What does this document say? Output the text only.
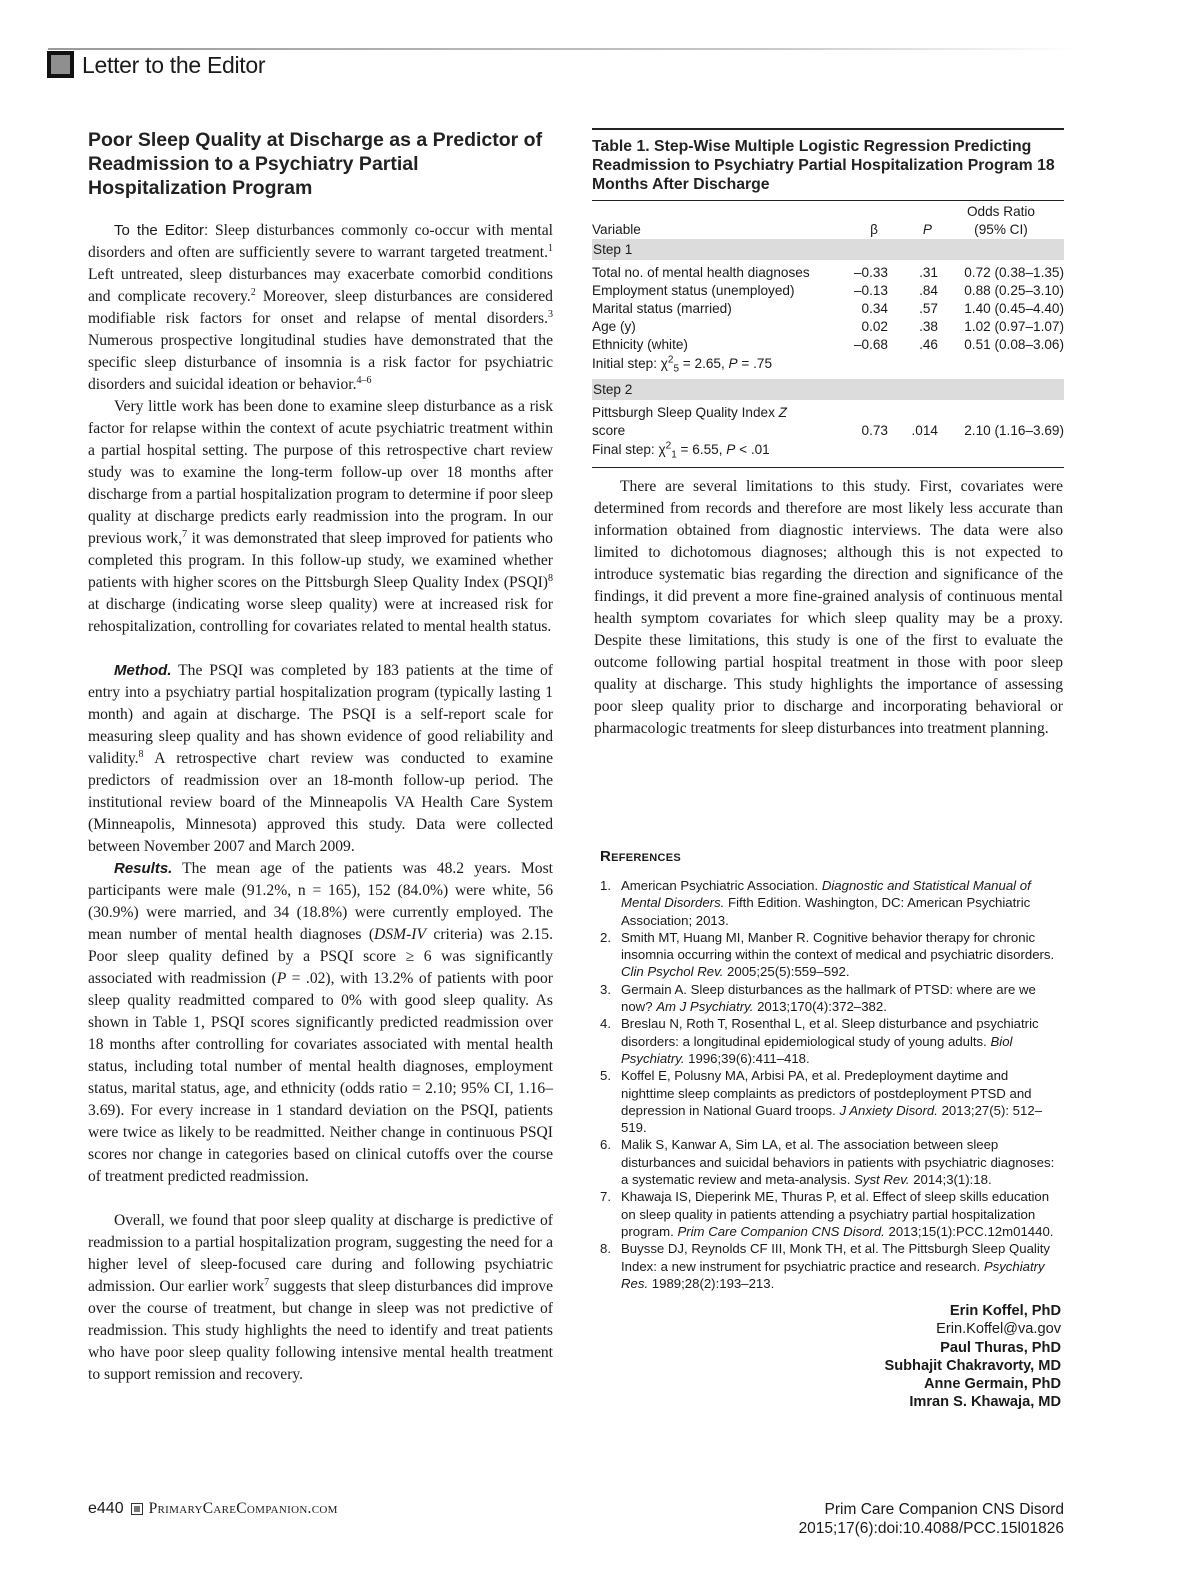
Letter to the Editor
Poor Sleep Quality at Discharge as a Predictor of Readmission to a Psychiatry Partial Hospitalization Program

To the Editor: Sleep disturbances commonly co-occur with mental disorders and often are sufficiently severe to warrant targeted treatment.$^1$ Left untreated, sleep disturbances may exacerbate comorbid conditions and complicate recovery.$^2$ Moreover, sleep disturbances are considered modifiable risk factors for onset and relapse of mental disorders.$^3$ Numerous prospective longitudinal studies have demonstrated that the specific sleep disturbance of insomnia is a risk factor for psychiatric disorders and suicidal ideation or behavior.$^{4-6}$

Very little work has been done to examine sleep disturbance as a risk factor for relapse within the context of acute psychiatric treatment within a partial hospital setting. The purpose of this retrospective chart review study was to examine the long-term follow-up over 18 months after discharge from a partial hospitalization program to determine if poor sleep quality at discharge predicts early readmission into the program. In our previous work,$^7$ it was demonstrated that sleep improved for patients who completed this program. In this follow-up study, we examined whether patients with higher scores on the Pittsburgh Sleep Quality Index (PSQI)$^8$ at discharge (indicating worse sleep quality) were at increased risk for rehospitalization, controlling for covariates related to mental health status.

Method. The PSQI was completed by 183 patients at the time of entry into a psychiatry partial hospitalization program (typically lasting 1 month) and again at discharge. The PSQI is a self-report scale for measuring sleep quality and has shown evidence of good reliability and validity.$^8$ A retrospective chart review was conducted to examine predictors of readmission over an 18-month follow-up period. The institutional review board of the Minneapolis VA Health Care System (Minneapolis, Minnesota) approved this study. Data were collected between November 2007 and March 2009.

Results. The mean age of the patients was 48.2 years. Most participants were male (91.2%, n = 165), 152 (84.0%) were white, 56 (30.9%) were married, and 34 (18.8%) were currently employed. The mean number of mental health diagnoses (DSM-IV criteria) was 2.15. Poor sleep quality defined by a PSQI score ≥ 6 was significantly associated with readmission (P = .02), with 13.2% of patients with poor sleep quality readmitted compared to 0% with good sleep quality. As shown in Table 1, PSQI scores significantly predicted readmission over 18 months after controlling for covariates associated with mental health status, including total number of mental health diagnoses, employment status, marital status, age, and ethnicity (odds ratio = 2.10; 95% CI, 1.16–3.69). For every increase in 1 standard deviation on the PSQI, patients were twice as likely to be readmitted. Neither change in continuous PSQI scores nor change in categories based on clinical cutoffs over the course of treatment predicted readmission.

Overall, we found that poor sleep quality at discharge is predictive of readmission to a partial hospitalization program, suggesting the need for a higher level of sleep-focused care during and following psychiatric admission. Our earlier work$^7$ suggests that sleep disturbances did improve over the course of treatment, but change in sleep was not predictive of readmission. This study highlights the need to identify and treat patients who have poor sleep quality following intensive mental health treatment to support remission and recovery.

There are several limitations to this study. First, covariates were determined from records and therefore are most likely less accurate than information obtained from diagnostic interviews. The data were also limited to dichotomous diagnoses; although this is not expected to introduce systematic bias regarding the direction and significance of the findings, it did prevent a more fine-grained analysis of continuous mental health symptom covariates for which sleep quality may be a proxy. Despite these limitations, this study is one of the first to evaluate the outcome following partial hospital treatment in those with poor sleep quality at discharge. This study highlights the importance of assessing poor sleep quality prior to discharge and incorporating behavioral or pharmacologic treatments for sleep disturbances into treatment planning.

Table 1. Step-Wise Multiple Logistic Regression Predicting Readmission to Psychiatry Partial Hospitalization Program 18 Months After Discharge
Variable	β	P	Odds Ratio
(95% CI)
Step 1			
Total no. of mental health diagnoses	–0.33	.31	0.72 (0.38–1.35)
Employment status (unemployed)	–0.13	.84	0.88 (0.25–3.10)
Marital status (married)	0.34	.57	1.40 (0.45–4.40)
Age (y)	0.02	.38	1.02 (0.97–1.07)
Ethnicity (white)	–0.68	.46	0.51 (0.08–3.06)
Initial step: $\chi^2_5 = 2.65$, P = .75			
Step 2			
Pittsburgh Sleep Quality Index Z score	0.73	.014	2.10 (1.16–3.69)
Final step: $\chi^2_1 = 6.55$, P < .01			
References
1. American Psychiatric Association. Diagnostic and Statistical Manual of Mental Disorders. Fifth Edition. Washington, DC: American Psychiatric Association; 2013.
2. Smith MT, Huang MI, Manber R. Cognitive behavior therapy for chronic insomnia occurring within the context of medical and psychiatric disorders. Clin Psychol Rev. 2005;25(5):559–592.
3. Germain A. Sleep disturbances as the hallmark of PTSD: where are we now? Am J Psychiatry. 2013;170(4):372–382.
4. Breslau N, Roth T, Rosenthal L, et al. Sleep disturbance and psychiatric disorders: a longitudinal epidemiological study of young adults. Biol Psychiatry. 1996;39(6):411–418.
5. Koffel E, Polusny MA, Arbisi PA, et al. Predeployment daytime and nighttime sleep complaints as predictors of postdeployment PTSD and depression in National Guard troops. J Anxiety Disord. 2013;27(5): 512–519.
6. Malik S, Kanwar A, Sim LA, et al. The association between sleep disturbances and suicidal behaviors in patients with psychiatric diagnoses: a systematic review and meta-analysis. Syst Rev. 2014;3(1):18.
7. Khawaja IS, Dieperink ME, Thuras P, et al. Effect of sleep skills education on sleep quality in patients attending a psychiatry partial hospitalization program. Prim Care Companion CNS Disord. 2013;15(1):PCC.12m01440.
8. Buysse DJ, Reynolds CF III, Monk TH, et al. The Pittsburgh Sleep Quality Index: a new instrument for psychiatric practice and research. Psychiatry Res. 1989;28(2):193–213.
Erin Koffel, PhD
Erin.Koffel@va.gov
Paul Thuras, PhD
Subhajit Chakravorty, MD
Anne Germain, PhD
Imran S. Khawaja, MD
e440 PrimaryCareCompanion.com	Prim Care Companion CNS Disord
2015;17(6):doi:10.4088/PCC.15l01826
